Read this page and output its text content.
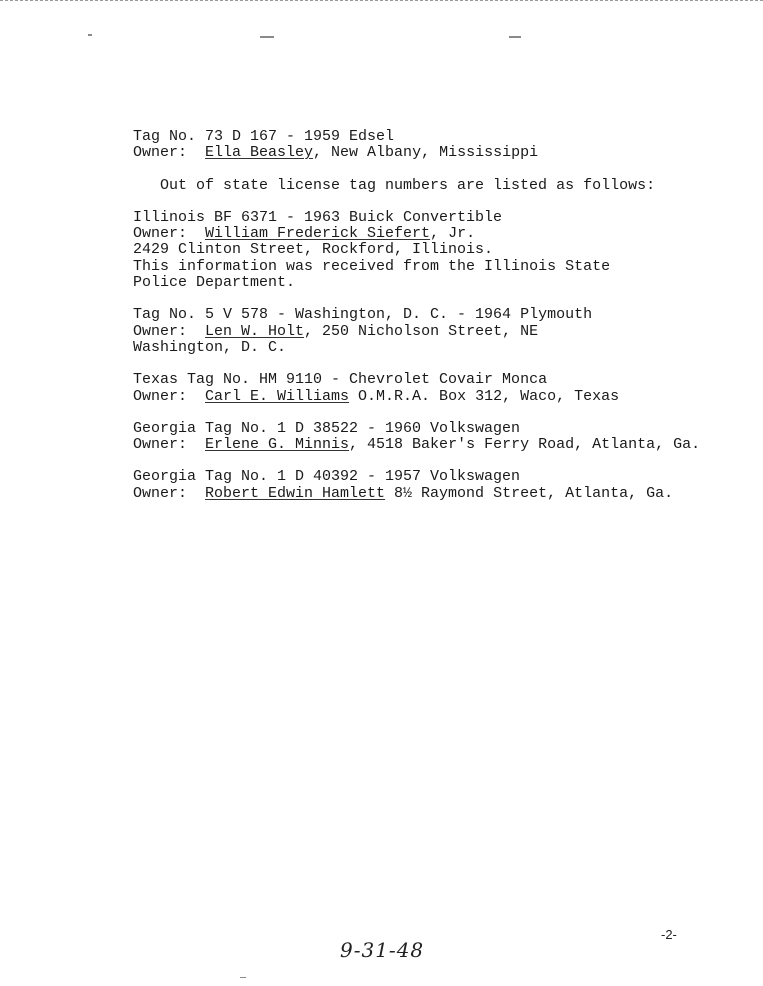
Tag No. 73 D 167 - 1959 Edsel
Owner:  Ella Beasley, New Albany, Mississippi
Out of state license tag numbers are listed as follows:
Illinois BF 6371 - 1963 Buick Convertible
Owner:  William Frederick Siefert, Jr.
2429 Clinton Street, Rockford, Illinois.
This information was received from the Illinois State
Police Department.
Tag No. 5 V 578 - Washington, D. C. - 1964 Plymouth
Owner:  Len W. Holt, 250 Nicholson Street, NE
Washington, D. C.
Texas Tag No. HM 9110 - Chevrolet Covair Monca
Owner:  Carl E. Williams O.M.R.A. Box 312, Waco, Texas
Georgia Tag No. 1 D 38522 - 1960 Volkswagen
Owner:  Erlene G. Minnis, 4518 Baker's Ferry Road, Atlanta, Ga.
Georgia Tag No. 1 D 40392 - 1957 Volkswagen
Owner:  Robert Edwin Hamlett 8½ Raymond Street, Atlanta, Ga.
9-31-48
-2-
